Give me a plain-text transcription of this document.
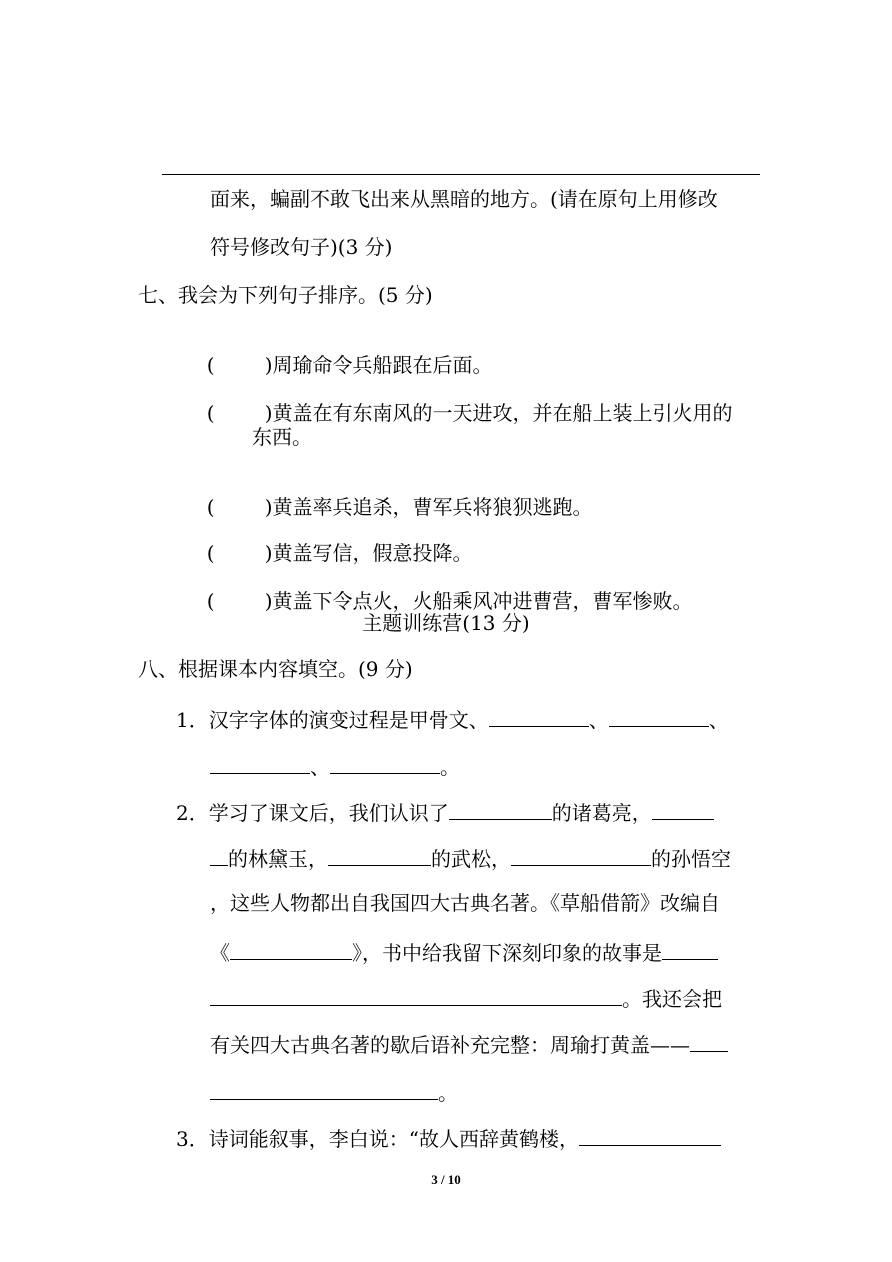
面来，蝙副不敢飞出来从黑暗的地方。(请在原句上用修改
符号修改句子)(3 分)
七、我会为下列句子排序。(5 分)

(	)周瑜命令兵船跟在后面。

(	)黄盖在有东南风的一天进攻，并在船上装上引火用的

东西。

(	)黄盖率兵追杀，曹军兵将狼狈逃跑。

(	)黄盖写信，假意投降。

(	)黄盖下令点火，火船乘风冲进曹营，曹军惨败。

主题训练营(13 分)
八、根据课本内容填空。(9 分)
1．汉字字体的演变过程是甲骨文、	、	、
、	。
2．学习了课文后，我们认识了	的诸葛亮，
的林黛玉，	的武松，	的孙悟空
，这些人物都出自我国四大古典名著。《草船借箭》改编自
《	》，书中给我留下深刻印象的故事是
。我还会把
有关四大古典名著的歇后语补充完整：周瑜打黄盖——
。
3．诗词能叙事，李白说：“故人西辞黄鹤楼，
3 / 10
